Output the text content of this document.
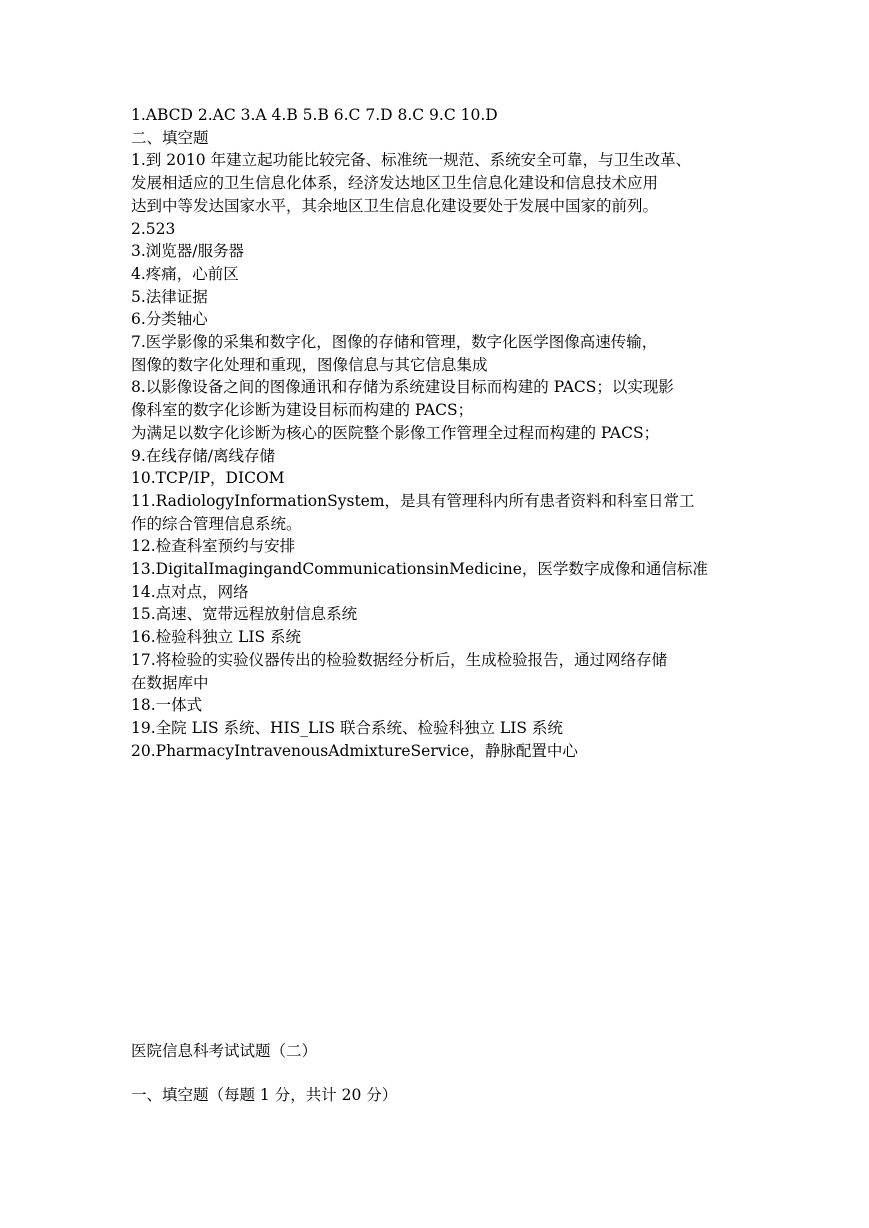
1.ABCD 2.AC 3.A 4.B 5.B 6.C 7.D 8.C 9.C 10.D

二、填空题

1.到 2010 年建立起功能比较完备、标准统一规范、系统安全可靠，与卫生改革、

发展相适应的卫生信息化体系，经济发达地区卫生信息化建设和信息技术应用

达到中等发达国家水平，其余地区卫生信息化建设要处于发展中国家的前列。

2.523

3.浏览器/服务器

4.疼痛，心前区

5.法律证据

6.分类轴心

7.医学影像的采集和数字化，图像的存储和管理，数字化医学图像高速传输，

图像的数字化处理和重现，图像信息与其它信息集成

8.以影像设备之间的图像通讯和存储为系统建设目标而构建的 PACS；以实现影

像科室的数字化诊断为建设目标而构建的 PACS；

为满足以数字化诊断为核心的医院整个影像工作管理全过程而构建的 PACS；

9.在线存储/离线存储

10.TCP/IP，DICOM

11.RadiologyInformationSystem，是具有管理科内所有患者资料和科室日常工

作的综合管理信息系统。

12.检查科室预约与安排

13.DigitalImagingandCommunicationsinMedicine，医学数字成像和通信标准

14.点对点，网络

15.高速、宽带远程放射信息系统

16.检验科独立 LIS 系统

17.将检验的实验仪器传出的检验数据经分析后，生成检验报告，通过网络存储

在数据库中

18.一体式

19.全院 LIS 系统、HIS_LIS 联合系统、检验科独立 LIS 系统

20.PharmacyIntravenousAdmixtureService，静脉配置中心

医院信息科考试试题（二）

一、填空题（每题 1 分，共计 20 分）
